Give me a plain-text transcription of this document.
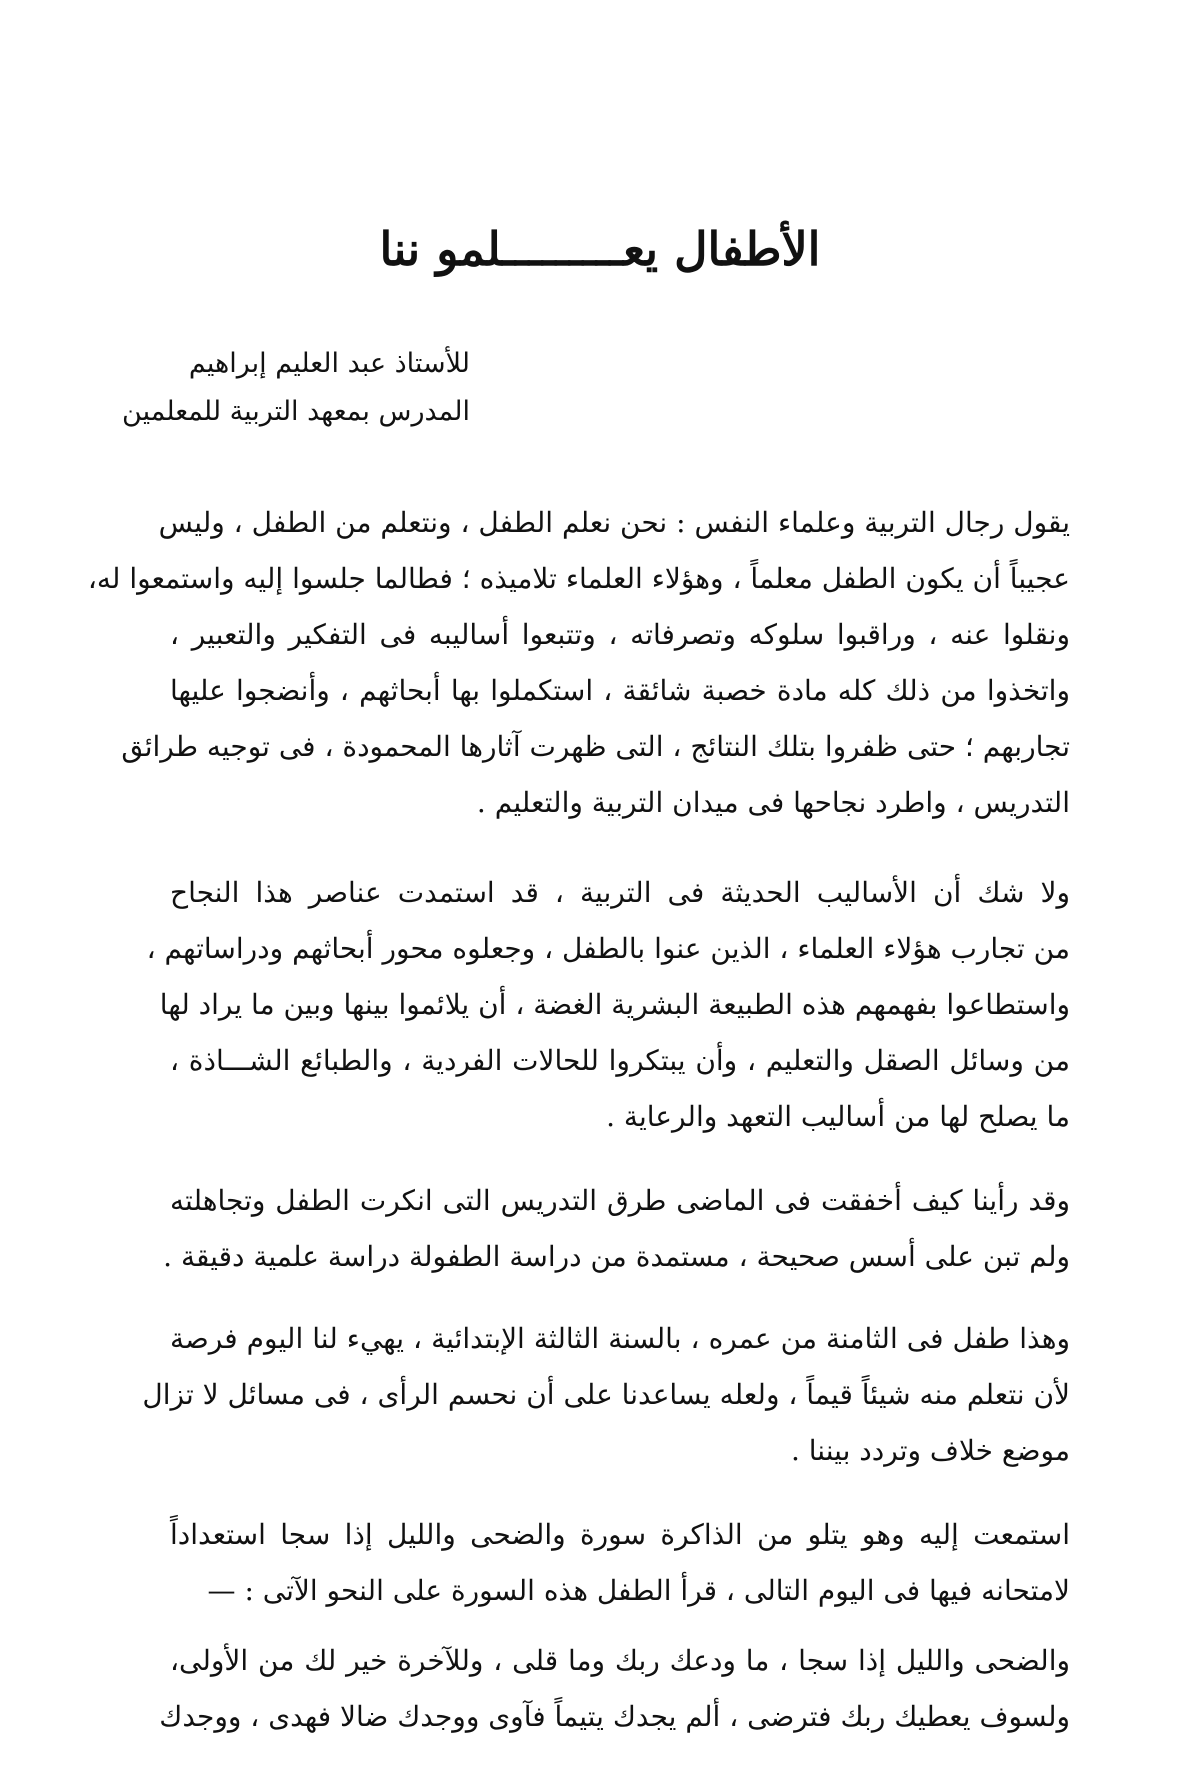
الأطفال يعـــــــــلمو ننا
للأستاذ عبد العليم إبراهيم
المدرس بمعهد التربية للمعلمين
يقول رجال التربية وعلماء النفس : نحن نعلم الطفل ، ونتعلم من الطفل ، وليس
عجيباً أن يكون الطفل معلماً ، وهؤلاء العلماء تلاميذه ؛ فطالما جلسوا إليه واستمعوا له،
ونقلوا عنه ، وراقبوا سلوكه وتصرفاته ، وتتبعوا أساليبه فى التفكير والتعبير ،
واتخذوا من ذلك كله مادة خصبة شائقة ، استكملوا بها أبحاثهم ، وأنضجوا عليها
تجاربهم ؛ حتى ظفروا بتلك النتائج ، التى ظهرت آثارها المحمودة ، فى توجيه طرائق
التدريس ، واطرد نجاحها فى ميدان التربية والتعليم .
ولا شك أن الأساليب الحديثة فى التربية ، قد استمدت عناصر هذا النجاح
من تجارب هؤلاء العلماء ، الذين عنوا بالطفل ، وجعلوه محور أبحاثهم ودراساتهم ،
واستطاعوا بفهمهم هذه الطبيعة البشرية الغضة ، أن يلائموا بينها وبين ما يراد لها
من وسائل الصقل والتعليم ، وأن يبتكروا للحالات الفردية ، والطبائع الشـــاذة ،
ما يصلح لها من أساليب التعهد والرعاية .
وقد رأينا كيف أخفقت فى الماضى طرق التدريس التى انكرت الطفل وتجاهلته
ولم تبن على أسس صحيحة ، مستمدة من دراسة الطفولة دراسة علمية دقيقة .
وهذا طفل فى الثامنة من عمره ، بالسنة الثالثة الإبتدائية ، يهيء لنا اليوم فرصة
لأن نتعلم منه شيئاً قيماً ، ولعله يساعدنا على أن نحسم الرأى ، فى مسائل لا تزال
موضع خلاف وتردد بيننا .
استمعت إليه وهو يتلو من الذاكرة سورة والضحى والليل إذا سجا استعداداً
لامتحانه فيها فى اليوم التالى ، قرأ الطفل هذه السورة على النحو الآتى : —
والضحى والليل إذا سجا ، ما ودعك ربك وما قلى ، وللآخرة خير لك من الأولى،
ولسوف يعطيك ربك فترضى ، ألم يجدك يتيماً فآوى ووجدك ضالا فهدى ، ووجدك
